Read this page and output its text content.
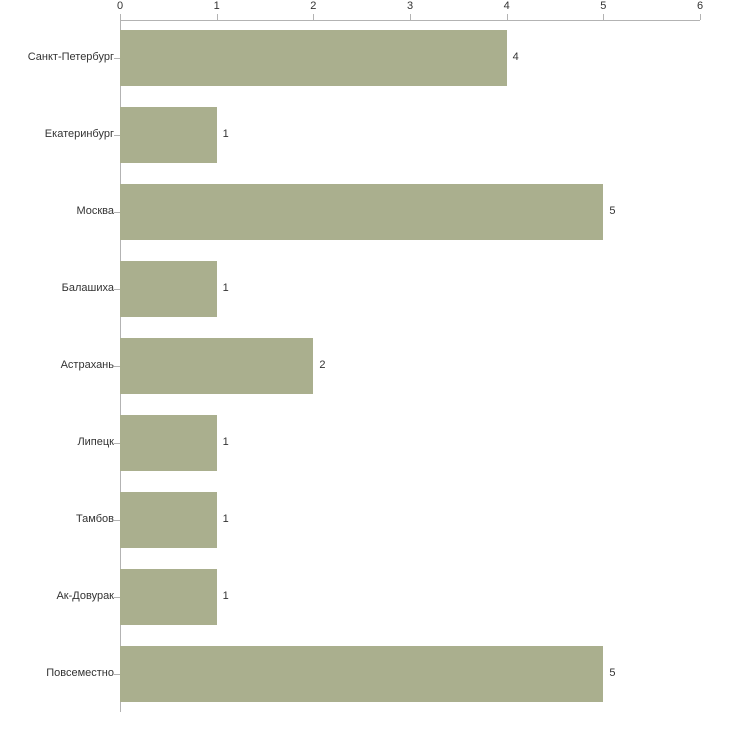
0	1	2	3	4	5	6
Санкт-Петербург	4
Екатеринбург	1
Москва	5
Балашиха	1
Астрахань	2
Липецк	1
Тамбов	1
Ак-Довурак	1
Повсеместно	5
